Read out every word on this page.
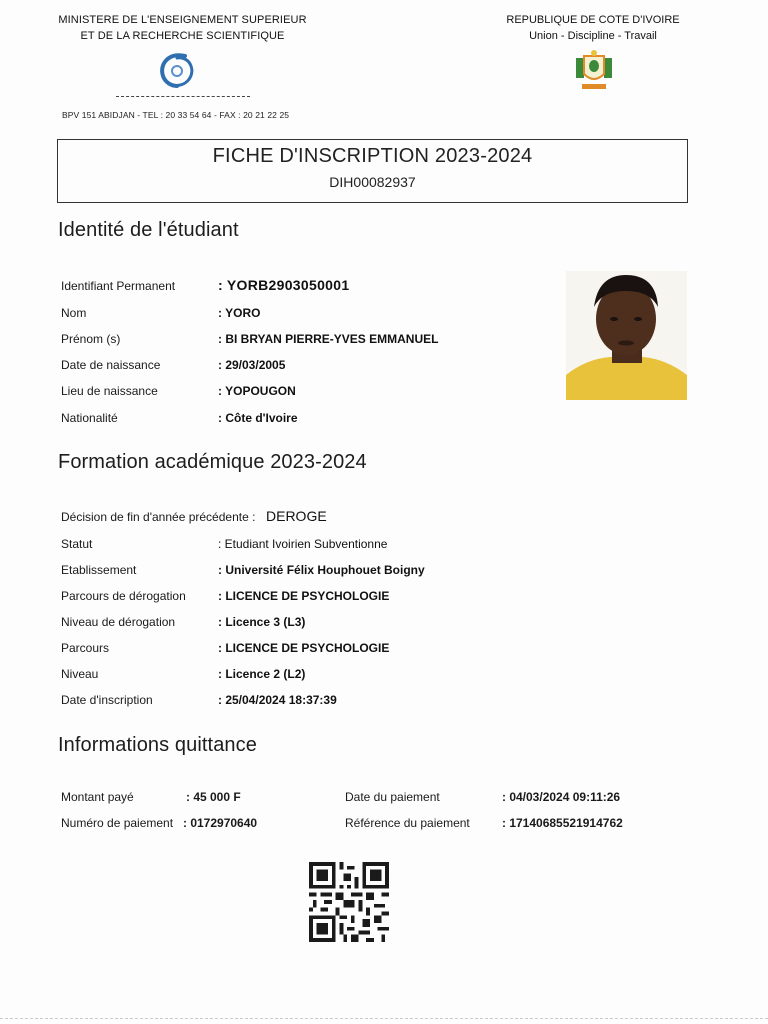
MINISTERE DE L'ENSEIGNEMENT SUPERIEUR
ET DE LA RECHERCHE SCIENTIFIQUE
BPV 151 ABIDJAN - TEL : 20 33 54 64 - FAX : 20 21 22 25
REPUBLIQUE DE COTE D'IVOIRE
Union - Discipline - Travail
FICHE D'INSCRIPTION 2023-2024
DIH00082937
Identité de l'étudiant
Identifiant Permanent	: YORB2903050001
Nom	: YORO
Prénom (s)	: BI BRYAN PIERRE-YVES EMMANUEL
Date de naissance	: 29/03/2005
Lieu de naissance	: YOPOUGON
Nationalité	: Côte d'Ivoire
Formation académique 2023-2024
Décision de fin d'année précédente : DEROGE
Statut	: Etudiant Ivoirien Subventionne
Etablissement	: Université Félix Houphouet Boigny
Parcours de dérogation	: LICENCE DE PSYCHOLOGIE
Niveau de dérogation	: Licence 3 (L3)
Parcours	: LICENCE DE PSYCHOLOGIE
Niveau	: Licence 2 (L2)
Date d'inscription	: 25/04/2024 18:37:39
Informations quittance
Montant payé	: 45 000 F
Numéro de paiement : 0172970640
Date du paiement	: 04/03/2024 09:11:26
Référence du paiement	: 17140685521914762
